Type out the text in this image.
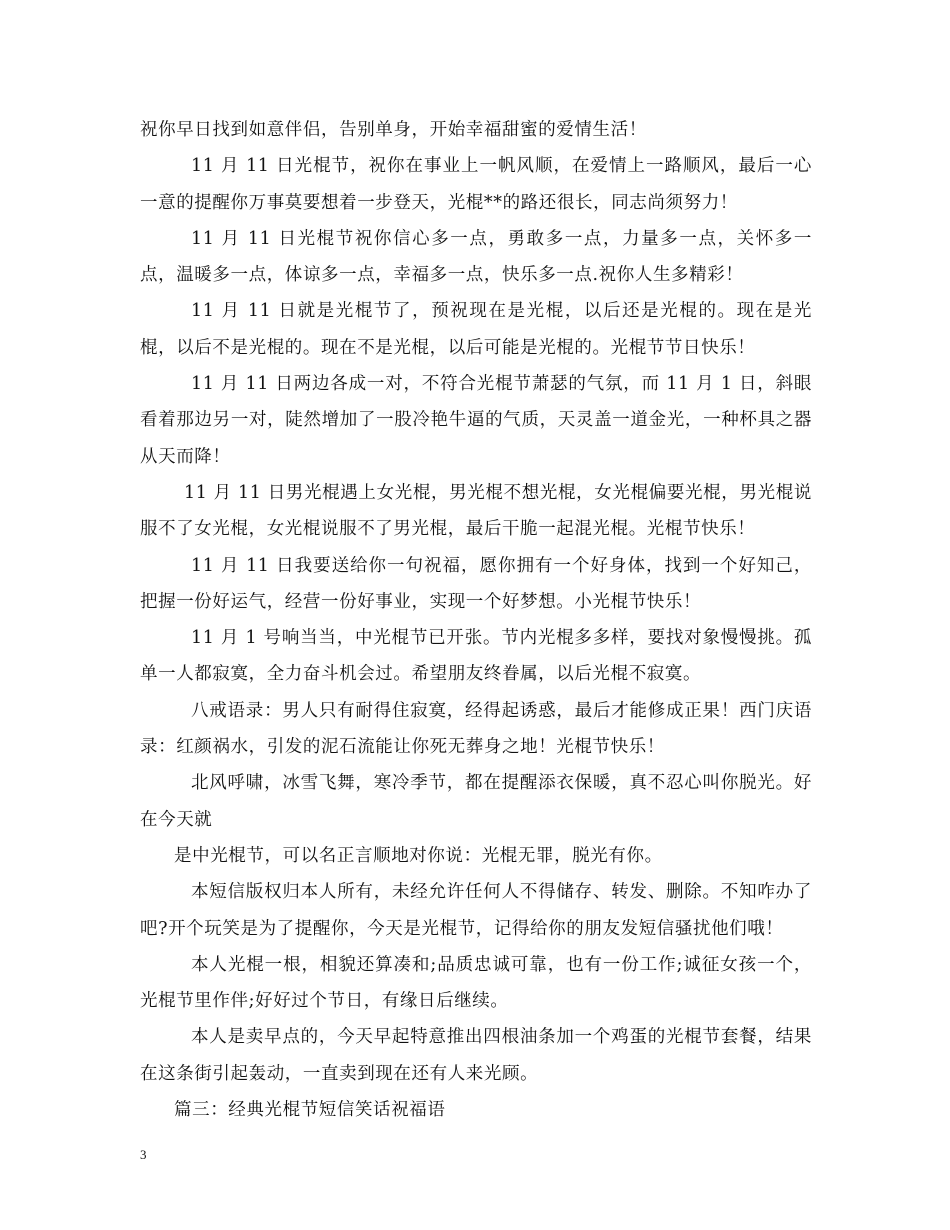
祝你早日找到如意伴侣，告别单身，开始幸福甜蜜的爱情生活！

11 月 11 日光棍节，祝你在事业上一帆风顺，在爱情上一路顺风，最后一心一意的提醒你万事莫要想着一步登天，光棍**的路还很长，同志尚须努力！

11 月 11 日光棍节祝你信心多一点，勇敢多一点，力量多一点，关怀多一点，温暖多一点，体谅多一点，幸福多一点，快乐多一点.祝你人生多精彩！

11 月 11 日就是光棍节了，预祝现在是光棍，以后还是光棍的。现在是光棍，以后不是光棍的。现在不是光棍，以后可能是光棍的。光棍节节日快乐！

11 月 11 日两边各成一对，不符合光棍节萧瑟的气氛，而 11 月 1 日，斜眼看着那边另一对，陡然增加了一股冷艳牛逼的气质，天灵盖一道金光，一种杯具之器从天而降！

11 月 11 日男光棍遇上女光棍，男光棍不想光棍，女光棍偏要光棍，男光棍说服不了女光棍，女光棍说服不了男光棍，最后干脆一起混光棍。光棍节快乐！

11 月 11 日我要送给你一句祝福，愿你拥有一个好身体，找到一个好知己，把握一份好运气，经营一份好事业，实现一个好梦想。小光棍节快乐！

11 月 1 号响当当，中光棍节已开张。节内光棍多多样，要找对象慢慢挑。孤单一人都寂寞，全力奋斗机会过。希望朋友终眷属，以后光棍不寂寞。

八戒语录：男人只有耐得住寂寞，经得起诱惑，最后才能修成正果！西门庆语录：红颜祸水，引发的泥石流能让你死无葬身之地！光棍节快乐！

北风呼啸，冰雪飞舞，寒冷季节，都在提醒添衣保暖，真不忍心叫你脱光。好在今天就

是中光棍节，可以名正言顺地对你说：光棍无罪，脱光有你。

本短信版权归本人所有，未经允许任何人不得储存、转发、删除。不知咋办了吧?开个玩笑是为了提醒你，今天是光棍节，记得给你的朋友发短信骚扰他们哦！

本人光棍一根，相貌还算凑和;品质忠诚可靠，也有一份工作;诚征女孩一个，光棍节里作伴;好好过个节日，有缘日后继续。

本人是卖早点的，今天早起特意推出四根油条加一个鸡蛋的光棍节套餐，结果在这条街引起轰动，一直卖到现在还有人来光顾。

篇三：经典光棍节短信笑话祝福语

3
